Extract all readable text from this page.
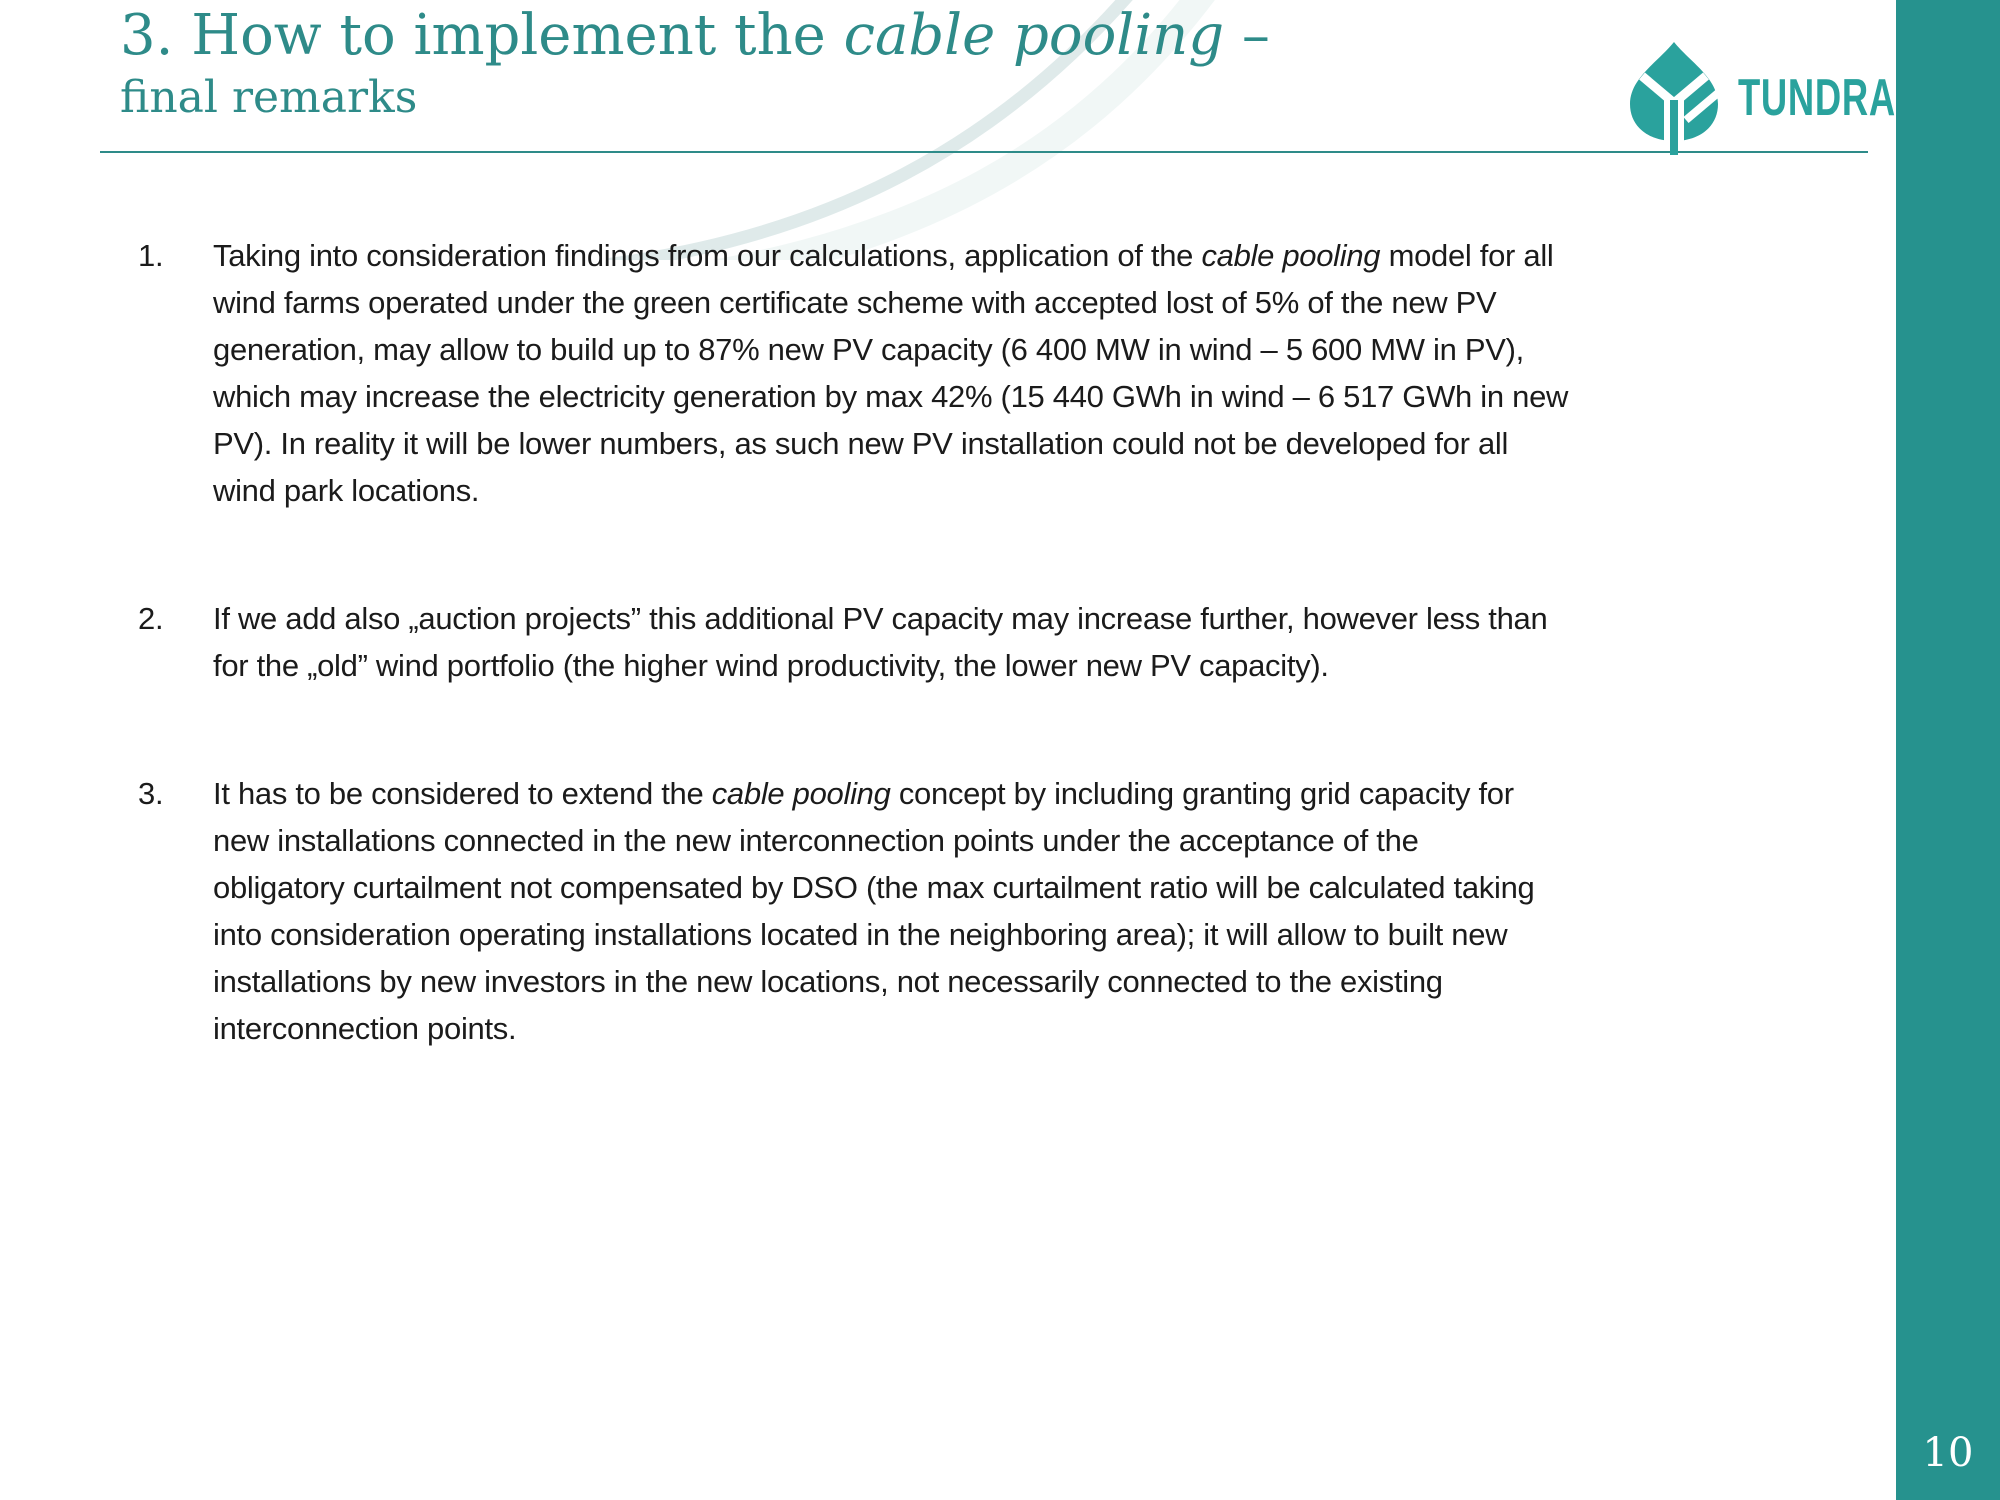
3. How to implement the cable pooling –
final remarks	TUNDRA
1.	Taking into consideration findings from our calculations, application of the cable pooling model for all
wind farms operated under the green certificate scheme with accepted lost of 5% of the new PV
generation, may allow to build up to 87% new PV capacity (6 400 MW in wind – 5 600 MW in PV),
which may increase the electricity generation by max 42% (15 440 GWh in wind – 6 517 GWh in new
PV). In reality it will be lower numbers, as such new PV installation could not be developed for all
wind park locations.
2.	If we add also „auction projects” this additional PV capacity may increase further, however less than
for the „old” wind portfolio (the higher wind productivity, the lower new PV capacity).
3.	It has to be considered to extend the cable pooling concept by including granting grid capacity for
new installations connected in the new interconnection points under the acceptance of the
obligatory curtailment not compensated by DSO (the max curtailment ratio will be calculated taking
into consideration operating installations located in the neighboring area); it will allow to built new
installations by new investors in the new locations, not necessarily connected to the existing
interconnection points.
10
